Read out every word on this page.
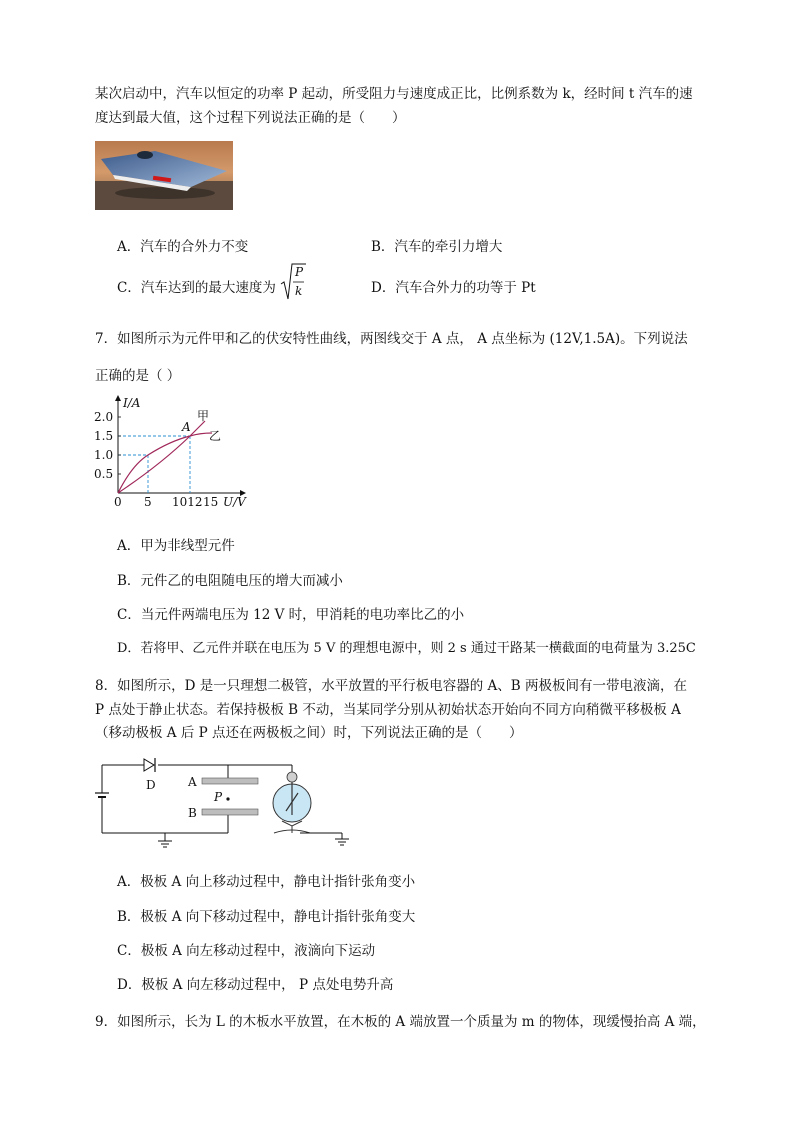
某次启动中，汽车以恒定的功率 P 起动，所受阻力与速度成正比，比例系数为 k，经时间 t 汽车的速
度达到最大值，这个过程下列说法正确的是（　　）
A．汽车的合外力不变	B．汽车的牵引力增大
C．汽车达到的最大速度为
P
k	D．汽车合外力的功等于 Pt
7．如图所示为元件甲和乙的伏安特性曲线，两图线交于 A 点， A 点坐标为 (12V,1.5A)。下列说法
正确的是（ ）
I/A
2.0
1.5
1.0
0.5
0 5 1012 15 U/V
A
甲
乙
A．甲为非线型元件
B．元件乙的电阻随电压的增大而减小
C．当元件两端电压为 12 V 时，甲消耗的电功率比乙的小
D．若将甲、乙元件并联在电压为 5 V 的理想电源中，则 2 s 通过干路某一横截面的电荷量为 3.25C
8．如图所示，D 是一只理想二极管，水平放置的平行板电容器的 A、B 两极板间有一带电液滴，在
P 点处于静止状态。若保持极板 B 不动，当某同学分别从初始状态开始向不同方向稍微平移极板 A
（移动极板 A 后 P 点还在两极板之间）时，下列说法正确的是（　　）
D	A
P
B
A．极板 A 向上移动过程中，静电计指针张角变小
B．极板 A 向下移动过程中，静电计指针张角变大
C．极板 A 向左移动过程中，液滴向下运动
D．极板 A 向左移动过程中， P 点处电势升高
9．如图所示，长为 L 的木板水平放置，在木板的 A 端放置一个质量为 m 的物体，现缓慢抬高 A 端，
